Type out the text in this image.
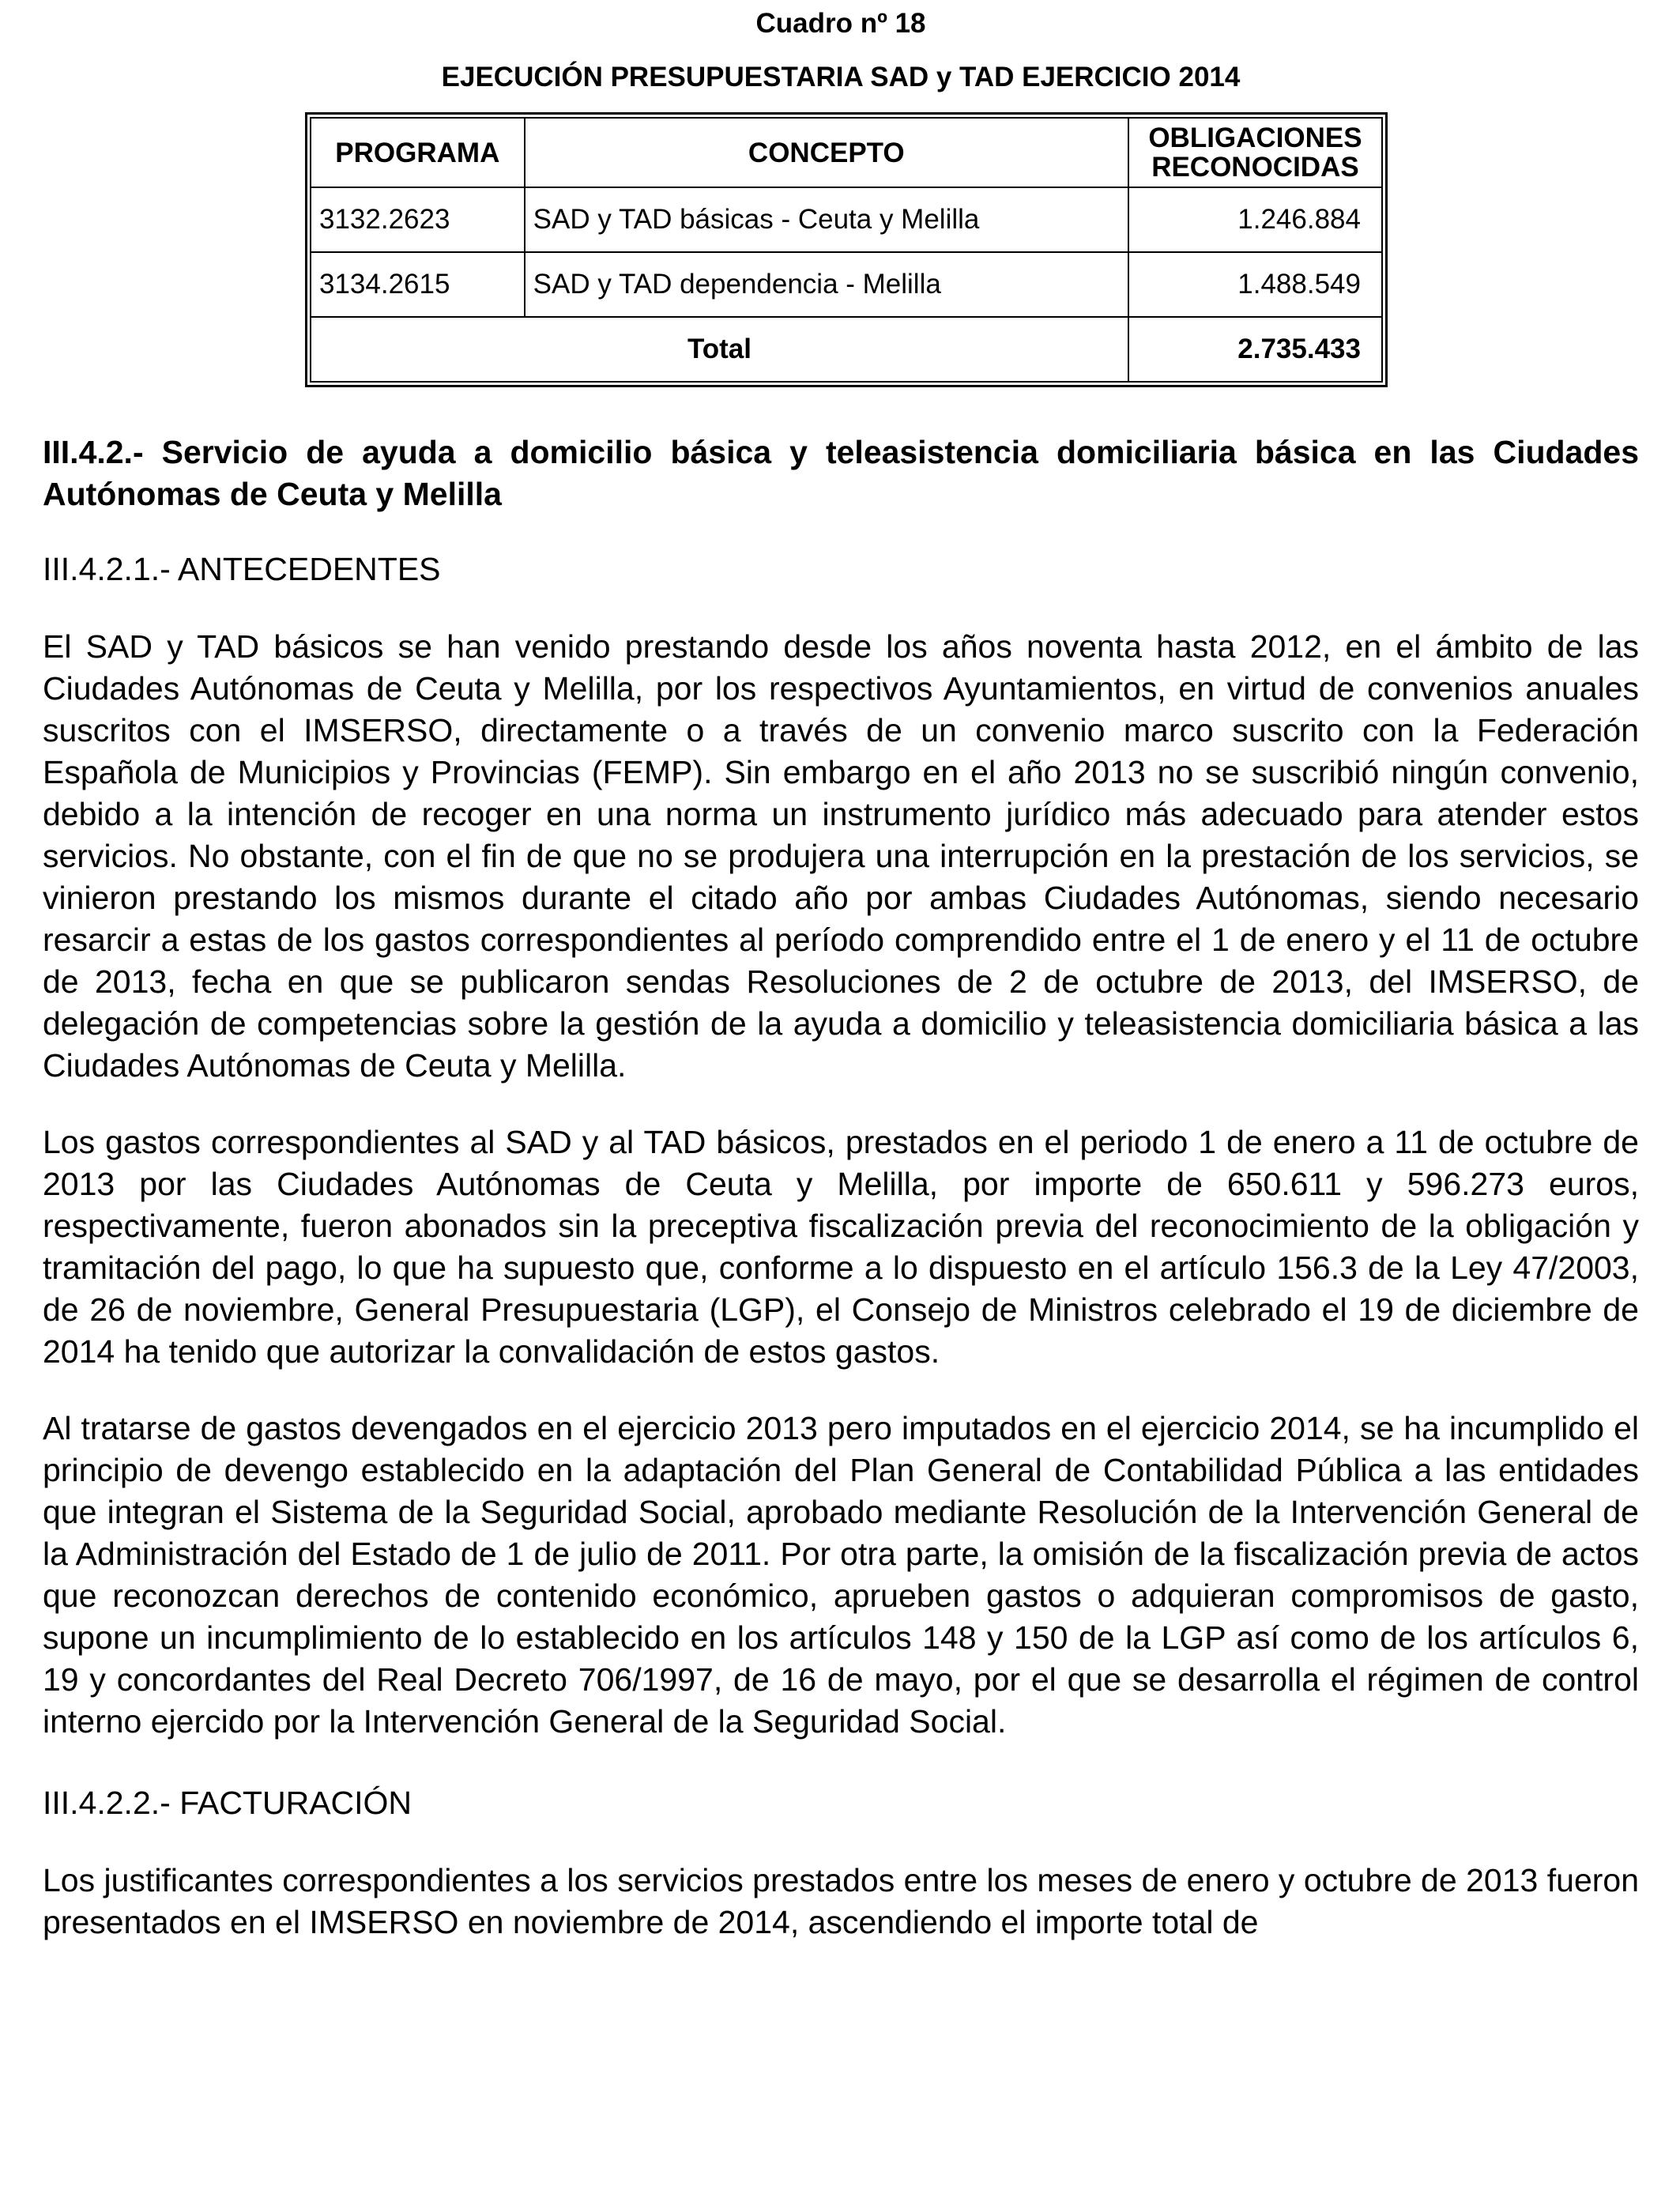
Cuadro nº 18

EJECUCIÓN PRESUPUESTARIA SAD y TAD EJERCICIO 2014

PROGRAMA	CONCEPTO	OBLIGACIONES RECONOCIDAS
3132.2623	SAD y TAD básicas - Ceuta y Melilla	1.246.884
3134.2615	SAD y TAD dependencia - Melilla	1.488.549
Total		2.735.433
III.4.2.- Servicio de ayuda a domicilio básica y teleasistencia domiciliaria básica en las Ciudades Autónomas de Ceuta y Melilla
III.4.2.1.- ANTECEDENTES

El SAD y TAD básicos se han venido prestando desde los años noventa hasta 2012, en el ámbito de las Ciudades Autónomas de Ceuta y Melilla, por los respectivos Ayuntamientos, en virtud de convenios anuales suscritos con el IMSERSO, directamente o a través de un convenio marco suscrito con la Federación Española de Municipios y Provincias (FEMP). Sin embargo en el año 2013 no se suscribió ningún convenio, debido a la intención de recoger en una norma un instrumento jurídico más adecuado para atender estos servicios. No obstante, con el fin de que no se produjera una interrupción en la prestación de los servicios, se vinieron prestando los mismos durante el citado año por ambas Ciudades Autónomas, siendo necesario resarcir a estas de los gastos correspondientes al período comprendido entre el 1 de enero y el 11 de octubre de 2013, fecha en que se publicaron sendas Resoluciones de 2 de octubre de 2013, del IMSERSO, de delegación de competencias sobre la gestión de la ayuda a domicilio y teleasistencia domiciliaria básica a las Ciudades Autónomas de Ceuta y Melilla.

Los gastos correspondientes al SAD y al TAD básicos, prestados en el periodo 1 de enero a 11 de octubre de 2013 por las Ciudades Autónomas de Ceuta y Melilla, por importe de 650.611 y 596.273 euros, respectivamente, fueron abonados sin la preceptiva fiscalización previa del reconocimiento de la obligación y tramitación del pago, lo que ha supuesto que, conforme a lo dispuesto en el artículo 156.3 de la Ley 47/2003, de 26 de noviembre, General Presupuestaria (LGP), el Consejo de Ministros celebrado el 19 de diciembre de 2014 ha tenido que autorizar la convalidación de estos gastos.

Al tratarse de gastos devengados en el ejercicio 2013 pero imputados en el ejercicio 2014, se ha incumplido el principio de devengo establecido en la adaptación del Plan General de Contabilidad Pública a las entidades que integran el Sistema de la Seguridad Social, aprobado mediante Resolución de la Intervención General de la Administración del Estado de 1 de julio de 2011. Por otra parte, la omisión de la fiscalización previa de actos que reconozcan derechos de contenido económico, aprueben gastos o adquieran compromisos de gasto, supone un incumplimiento de lo establecido en los artículos 148 y 150 de la LGP así como de los artículos 6, 19 y concordantes del Real Decreto 706/1997, de 16 de mayo, por el que se desarrolla el régimen de control interno ejercido por la Intervención General de la Seguridad Social.

III.4.2.2.- FACTURACIÓN

Los justificantes correspondientes a los servicios prestados entre los meses de enero y octubre de 2013 fueron presentados en el IMSERSO en noviembre de 2014, ascendiendo el importe total de
